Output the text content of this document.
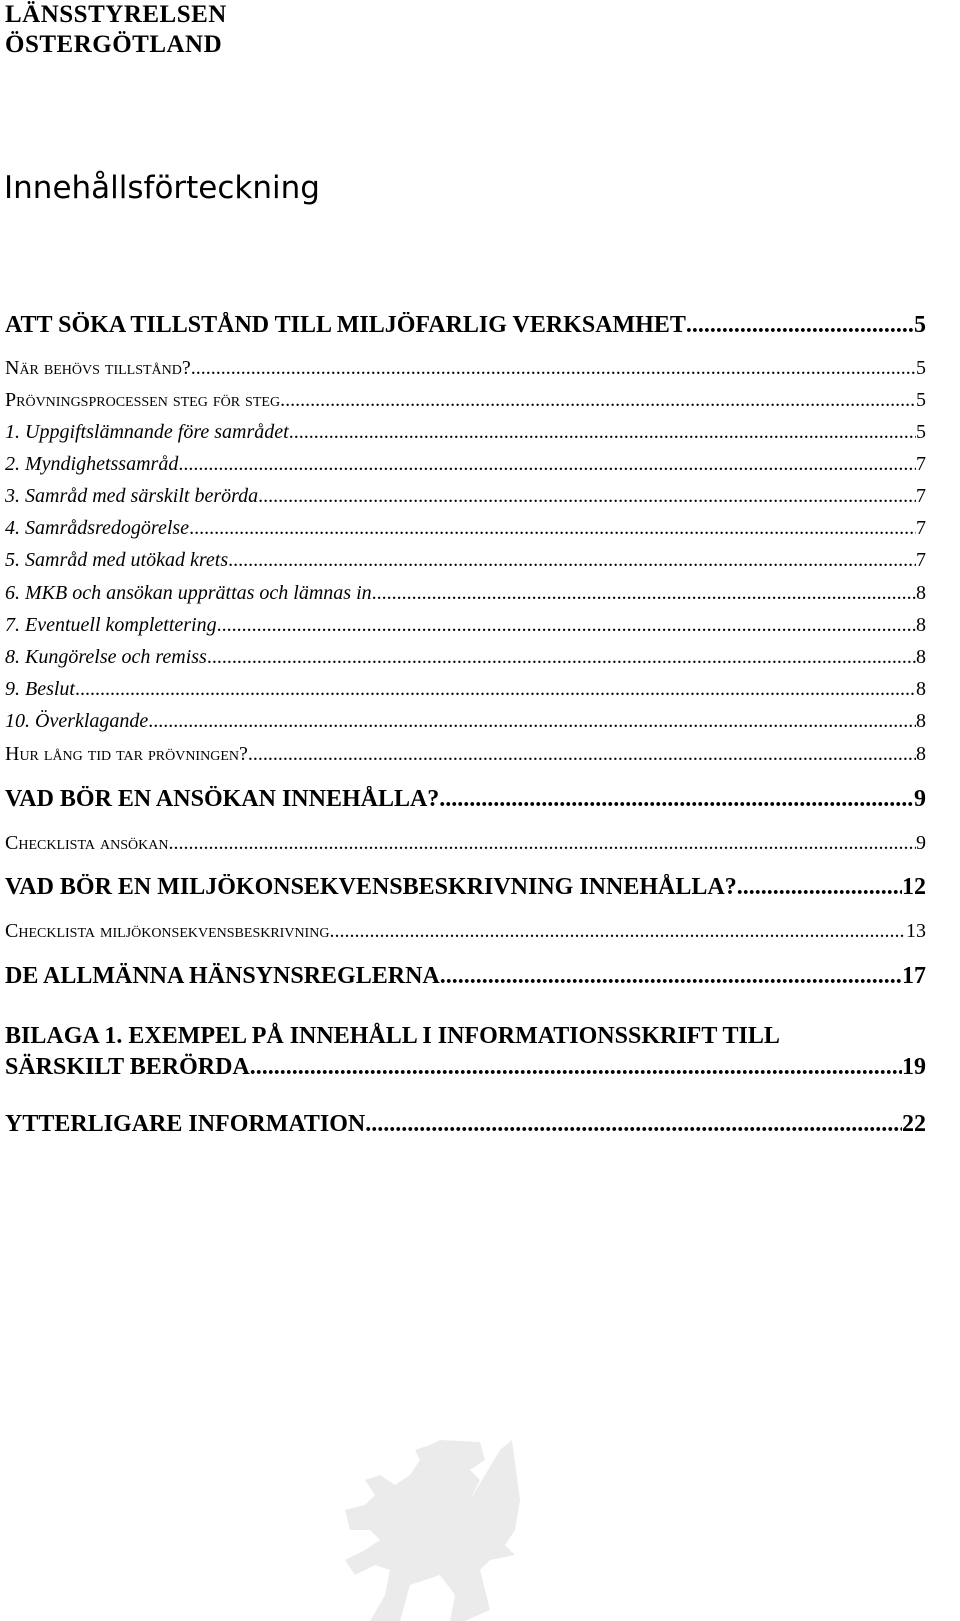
LÄNSSTYRELSEN
ÖSTERGÖTLAND
Innehållsförteckning
ATT SÖKA TILLSTÅND TILL MILJÖFARLIG VERKSAMHET .....	5
När behövs tillstånd? .....	5
Prövningsprocessen steg för steg .....	5
1. Uppgiftslämnande före samrådet .....	5
2. Myndighetssamråd .....	7
3. Samråd med särskilt berörda .....	7
4. Samrådsredogörelse .....	7
5. Samråd med utökad krets .....	7
6. MKB och ansökan upprättas och lämnas in .....	8
7. Eventuell komplettering .....	8
8. Kungörelse och remiss .....	8
9. Beslut .....	8
10. Överklagande .....	8
Hur lång tid tar prövningen? .....	8
VAD BÖR EN ANSÖKAN INNEHÅLLA? .....	9
Checklista ansökan .....	9
VAD BÖR EN MILJÖKONSEKVENSBESKRIVNING INNEHÅLLA? .....	12
Checklista miljökonsekvensbeskrivning .....	13
DE ALLMÄNNA HÄNSYNSREGLERNA .....	17
BILAGA 1. EXEMPEL PÅ INNEHÅLL I INFORMATIONSSKRIFT TILL
SÄRSKILT BERÖRDA .....	19
YTTERLIGARE INFORMATION .....	22
